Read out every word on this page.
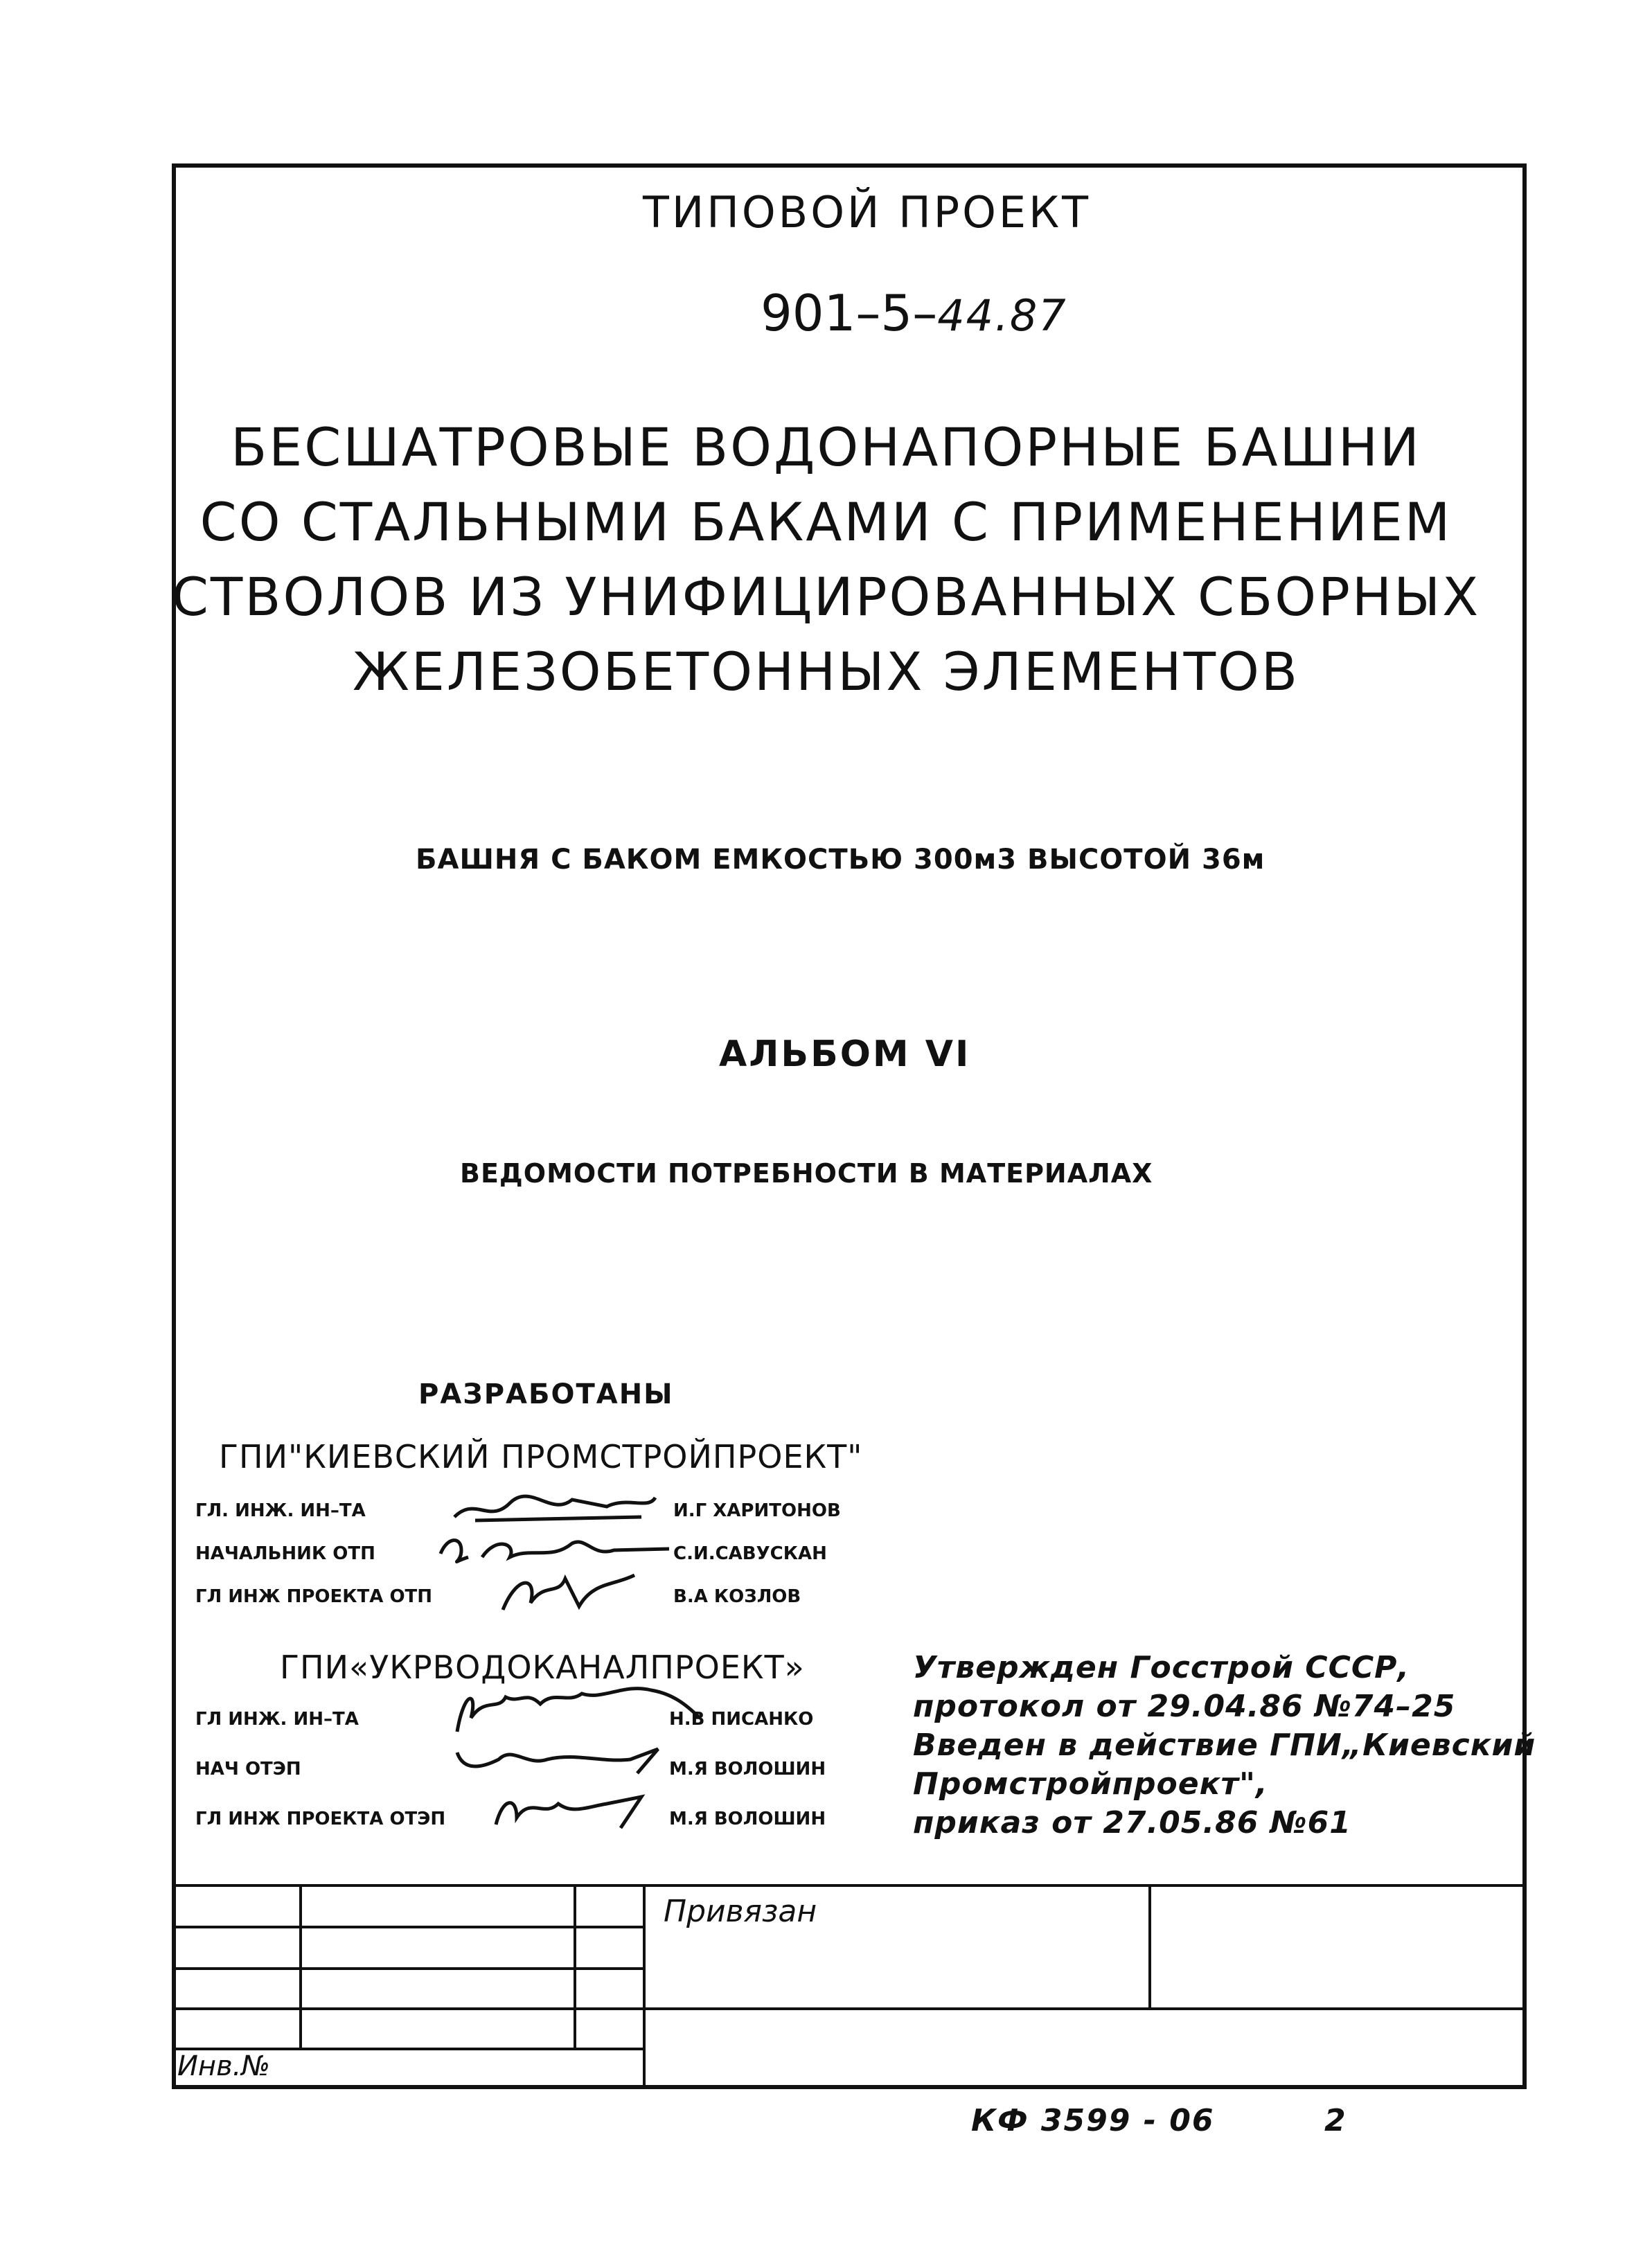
ТИПОВОЙ ПРОЕКТ
901–5–44.87
БЕСШАТРОВЫЕ ВОДОНАПОРНЫЕ БАШНИ
СО СТАЛЬНЫМИ БАКАМИ С ПРИМЕНЕНИЕМ
СТВОЛОВ ИЗ УНИФИЦИРОВАННЫХ СБОРНЫХ
ЖЕЛЕЗОБЕТОННЫХ ЭЛЕМЕНТОВ
БАШНЯ С БАКОМ ЕМКОСТЬЮ 300м3 ВЫСОТОЙ 36м
АЛЬБОМ VI
ВЕДОМОСТИ ПОТРЕБНОСТИ В МАТЕРИАЛАХ
РАЗРАБОТАНЫ
ГПИ"КИЕВСКИЙ ПРОМСТРОЙПРОЕКТ"
ГЛ. ИНЖ. ИН–ТА
НАЧАЛЬНИК ОТП
ГЛ ИНЖ ПРОЕКТА ОТП
И.Г ХАРИТОНОВ
С.И.САВУСКАН
В.А КОЗЛОВ
ГПИ«УКРВОДОКАНАЛПРОЕКТ»
ГЛ ИНЖ. ИН–ТА
НАЧ ОТЭП
ГЛ ИНЖ ПРОЕКТА ОТЭП
Н.В ПИСАНКО
М.Я ВОЛОШИН
М.Я ВОЛОШИН
Утвержден Госстрой СССР,
протокол от 29.04.86 №74–25
Введен в действие ГПИ„Киевский
Промстройпроект",
приказ от 27.05.86 №61
Привязан
Инв.№
КФ 3599 - 06	2
